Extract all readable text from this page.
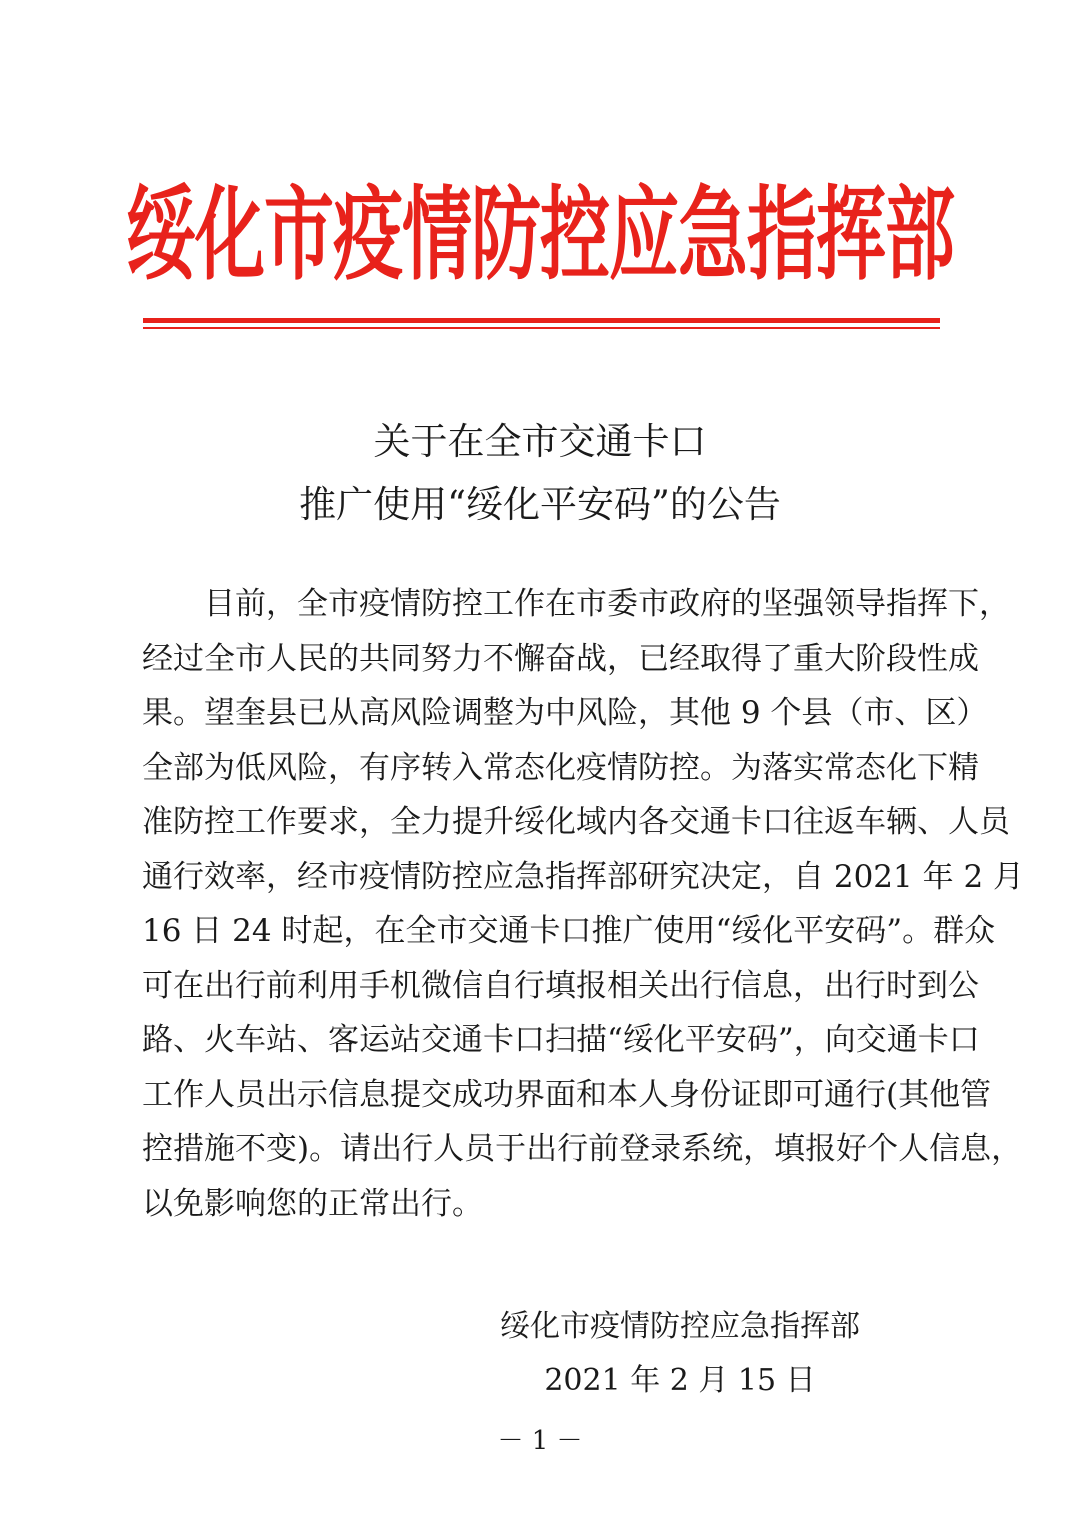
绥化市疫情防控应急指挥部
关于在全市交通卡口
推广使用“绥化平安码”的公告
目前，全市疫情防控工作在市委市政府的坚强领导指挥下，
经过全市人民的共同努力不懈奋战，已经取得了重大阶段性成
果。望奎县已从高风险调整为中风险，其他 9 个县（市、区）
全部为低风险，有序转入常态化疫情防控。为落实常态化下精
准防控工作要求，全力提升绥化域内各交通卡口往返车辆、人员
通行效率，经市疫情防控应急指挥部研究决定，自 2021 年 2 月
16 日 24 时起，在全市交通卡口推广使用“绥化平安码”。群众
可在出行前利用手机微信自行填报相关出行信息，出行时到公
路、火车站、客运站交通卡口扫描“绥化平安码”，向交通卡口
工作人员出示信息提交成功界面和本人身份证即可通行(其他管
控措施不变)。请出行人员于出行前登录系统，填报好个人信息，
以免影响您的正常出行。
绥化市疫情防控应急指挥部
2021 年 2 月 15 日
－ 1 －
